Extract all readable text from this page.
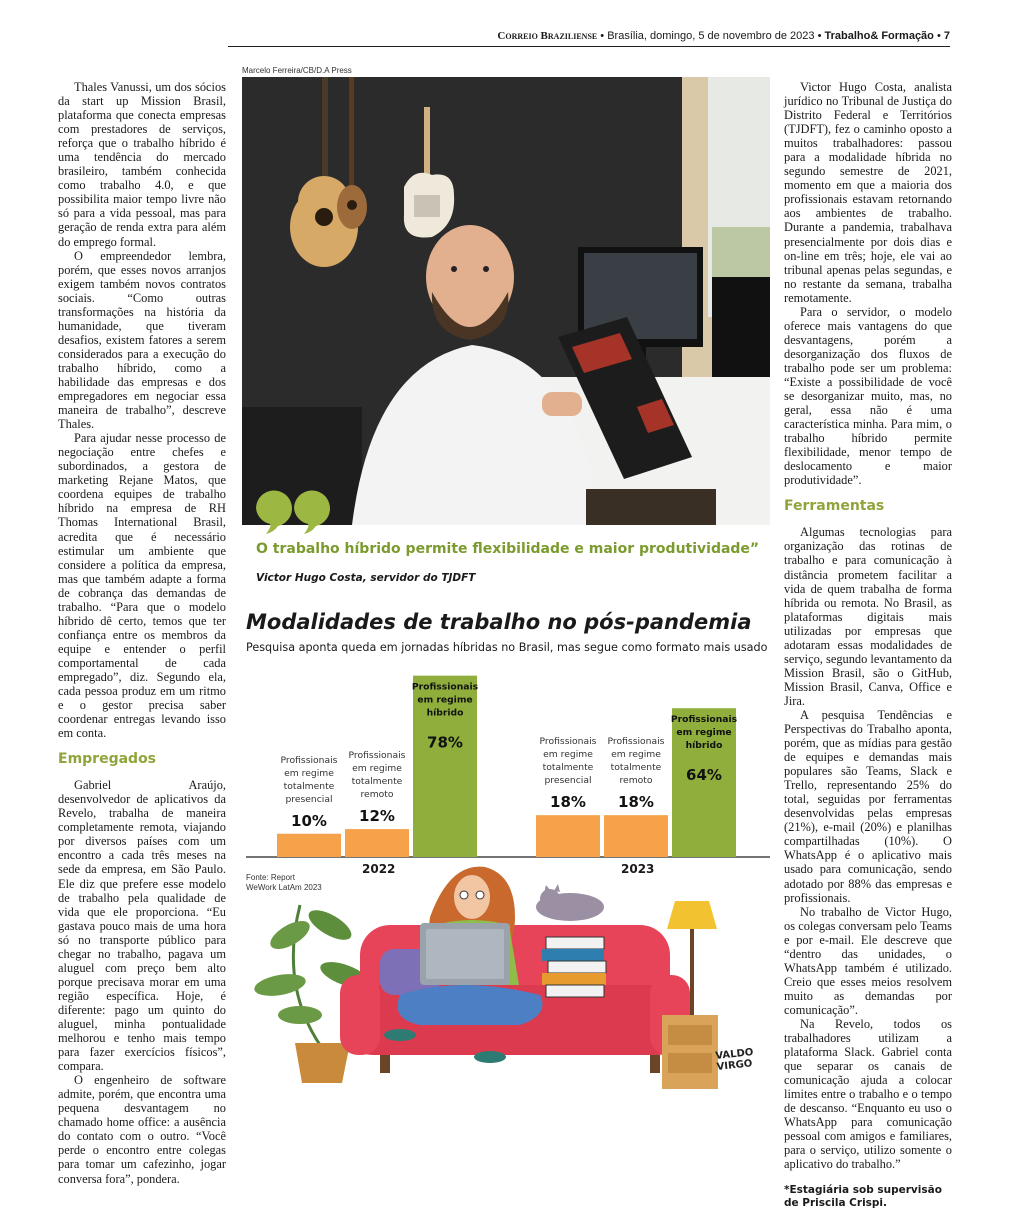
Correio Braziliense • Brasília, domingo, 5 de novembro de 2023 • Trabalho& Formação • 7

Thales Vanussi, um dos sócios da start up Mission Brasil, plataforma que conecta empresas com prestadores de serviços, reforça que o trabalho híbrido é uma tendência do mercado brasileiro, também conhecida como trabalho 4.0, e que possibilita maior tempo livre não só para a vida pessoal, mas para geração de renda extra para além do emprego formal.

O empreendedor lembra, porém, que esses novos arranjos exigem também novos contratos sociais. “Como outras transformações na história da humanidade, que tiveram desafios, existem fatores a serem considerados para a execução do trabalho híbrido, como a habilidade das empresas e dos empregadores em negociar essa maneira de trabalho”, descreve Thales.

Para ajudar nesse processo de negociação entre chefes e subordinados, a gestora de marketing Rejane Matos, que coordena equipes de trabalho híbrido na empresa de RH Thomas International Brasil, acredita que é necessário estimular um ambiente que considere a política da empresa, mas que também adapte a forma de cobrança das demandas de trabalho. “Para que o modelo híbrido dê certo, temos que ter confiança entre os membros da equipe e entender o perfil comportamental de cada empregado”, diz. Segundo ela, cada pessoa produz em um ritmo e o gestor precisa saber coordenar entregas levando isso em conta.

Empregados

Gabriel Araújo, desenvolvedor de aplicativos da Revelo, trabalha de maneira completamente remota, viajando por diversos países com um encontro a cada três meses na sede da empresa, em São Paulo. Ele diz que prefere esse modelo de trabalho pela qualidade de vida que ele proporciona. “Eu gastava pouco mais de uma hora só no transporte público para chegar no trabalho, pagava um aluguel com preço bem alto porque precisava morar em uma região específica. Hoje, é diferente: pago um quinto do aluguel, minha pontualidade melhorou e tenho mais tempo para fazer exercícios físicos”, compara.

O engenheiro de software admite, porém, que encontra uma pequena desvantagem no chamado home office: a ausência do contato com o outro. “Você perde o encontro entre colegas para tomar um cafezinho, jogar conversa fora”, pondera.

Victor Hugo Costa, analista jurídico no Tribunal de Justiça do Distrito Federal e Territórios (TJDFT), fez o caminho oposto a muitos trabalhadores: passou para a modalidade híbrida no segundo semestre de 2021, momento em que a maioria dos profissionais estavam retornando aos ambientes de trabalho. Durante a pandemia, trabalhava presencialmente por dois dias e on-line em três; hoje, ele vai ao tribunal apenas pelas segundas, e no restante da semana, trabalha remotamente.

Para o servidor, o modelo oferece mais vantagens do que desvantagens, porém a desorganização dos fluxos de trabalho pode ser um problema: “Existe a possibilidade de você se desorganizar muito, mas, no geral, essa não é uma característica minha. Para mim, o trabalho híbrido permite flexibilidade, menor tempo de deslocamento e maior produtividade”.

Ferramentas

Algumas tecnologias para organização das rotinas de trabalho e para comunicação à distância prometem facilitar a vida de quem trabalha de forma híbrida ou remota. No Brasil, as plataformas digitais mais utilizadas por empresas que adotaram essas modalidades de serviço, segundo levantamento da Mission Brasil, são o GitHub, Mission Brasil, Canva, Office e Jira.

A pesquisa Tendências e Perspectivas do Trabalho aponta, porém, que as mídias para gestão de equipes e demandas mais populares são Teams, Slack e Trello, representando 25% do total, seguidas por ferramentas desenvolvidas pelas empresas (21%), e-mail (20%) e planilhas compartilhadas (10%). O WhatsApp é o aplicativo mais usado para comunicação, sendo adotado por 88% das empresas e profissionais.

No trabalho de Victor Hugo, os colegas conversam pelo Teams e por e-mail. Ele descreve que “dentro das unidades, o WhatsApp também é utilizado. Creio que esses meios resolvem muito as demandas por comunicação”.

Na Revelo, todos os trabalhadores utilizam a plataforma Slack. Gabriel conta que separar os canais de comunicação ajuda a colocar limites entre o trabalho e o tempo de descanso. “Enquanto eu uso o WhatsApp para comunicação pessoal com amigos e familiares, para o serviço, utilizo somente o aplicativo do trabalho.”

*Estagiária sob supervisão
de Priscila Crispi.

Marcelo Ferreira/CB/D.A Press
O trabalho híbrido permite flexibilidade e maior produtividade”
Victor Hugo Costa, servidor do TJDFT
Modalidades de trabalho no pós-pandemia
Pesquisa aponta queda em jornadas híbridas no Brasil, mas segue como formato mais usado
10%
Profissionais
em regime
totalmente
presencial
12%
Profissionais
em regime
totalmente
remoto
78%
Profissionais
em regime
híbrido
18%
Profissionais
em regime
totalmente
presencial
18%
Profissionais
em regime
totalmente
remoto 64%
Profissionais
em regime
híbrido
2022	2023
Fonte: Report
WeWork LatAm 2023
VALDO
VIRGO
